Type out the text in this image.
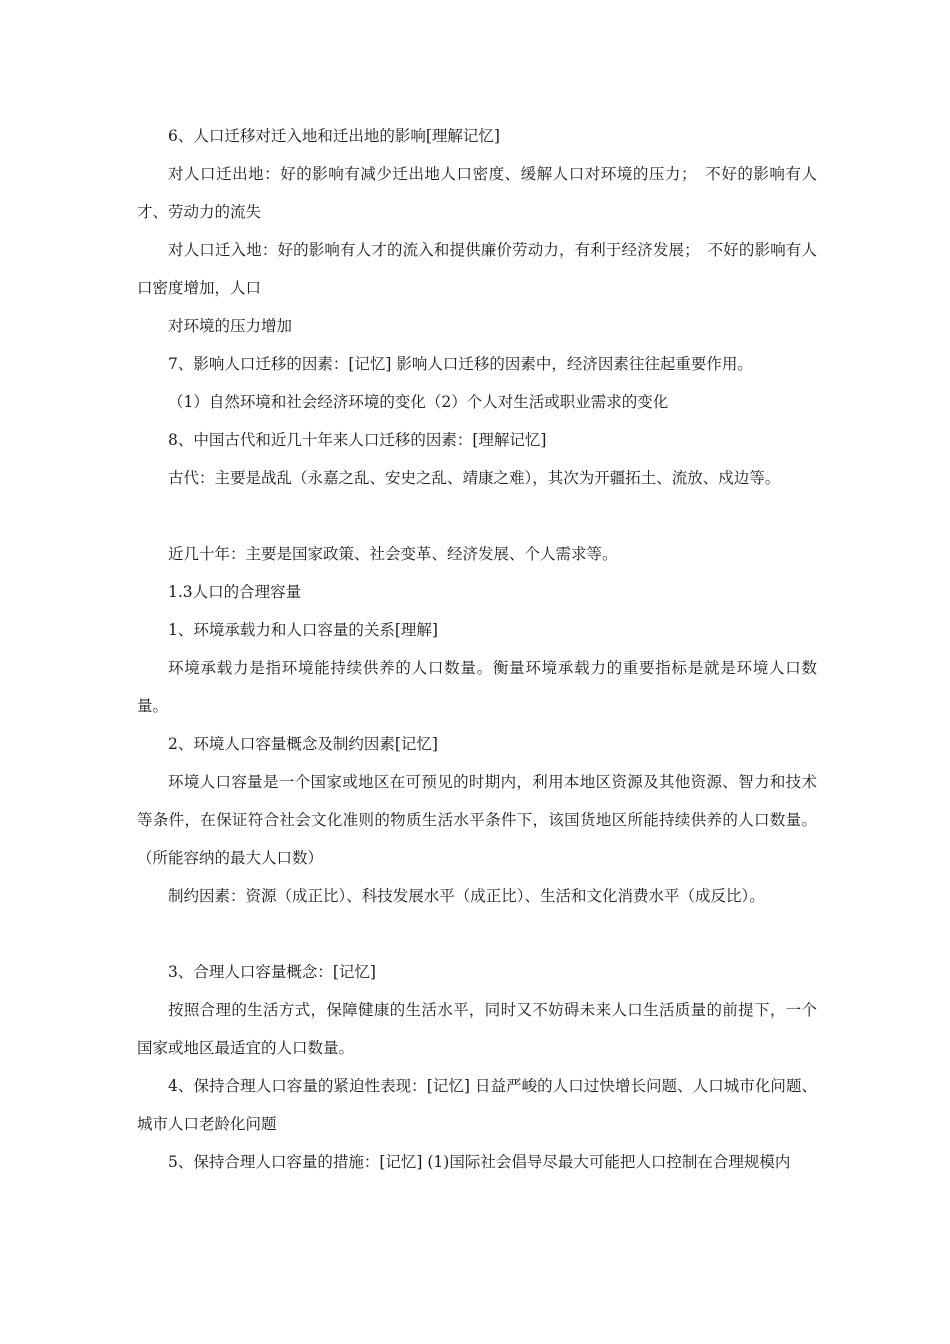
6、人口迁移对迁入地和迁出地的影响[理解记忆]

对人口迁出地：好的影响有减少迁出地人口密度、缓解人口对环境的压力；　不好的影响有人才、劳动力的流失

对人口迁入地：好的影响有人才的流入和提供廉价劳动力，有利于经济发展；　不好的影响有人口密度增加，人口

对环境的压力增加

7、影响人口迁移的因素：[记忆] 影响人口迁移的因素中，经济因素往往起重要作用。

（1）自然环境和社会经济环境的变化（2）个人对生活或职业需求的变化

8、中国古代和近几十年来人口迁移的因素：[理解记忆]

古代：主要是战乱（永嘉之乱、安史之乱、靖康之难），其次为开疆拓土、流放、戍边等。

近几十年：主要是国家政策、社会变革、经济发展、个人需求等。

1.3人口的合理容量

1、环境承载力和人口容量的关系[理解]

环境承载力是指环境能持续供养的人口数量。衡量环境承载力的重要指标是就是环境人口数量。

2、环境人口容量概念及制约因素[记忆]

环境人口容量是一个国家或地区在可预见的时期内，利用本地区资源及其他资源、智力和技术等条件，在保证符合社会文化准则的物质生活水平条件下，该国货地区所能持续供养的人口数量。（所能容纳的最大人口数）

制约因素：资源（成正比）、科技发展水平（成正比）、生活和文化消费水平（成反比）。

3、合理人口容量概念：[记忆]

按照合理的生活方式，保障健康的生活水平，同时又不妨碍未来人口生活质量的前提下，一个国家或地区最适宜的人口数量。

4、保持合理人口容量的紧迫性表现：[记忆] 日益严峻的人口过快增长问题、人口城市化问题、城市人口老龄化问题

5、保持合理人口容量的措施：[记忆] (1)国际社会倡导尽最大可能把人口控制在合理规模内
